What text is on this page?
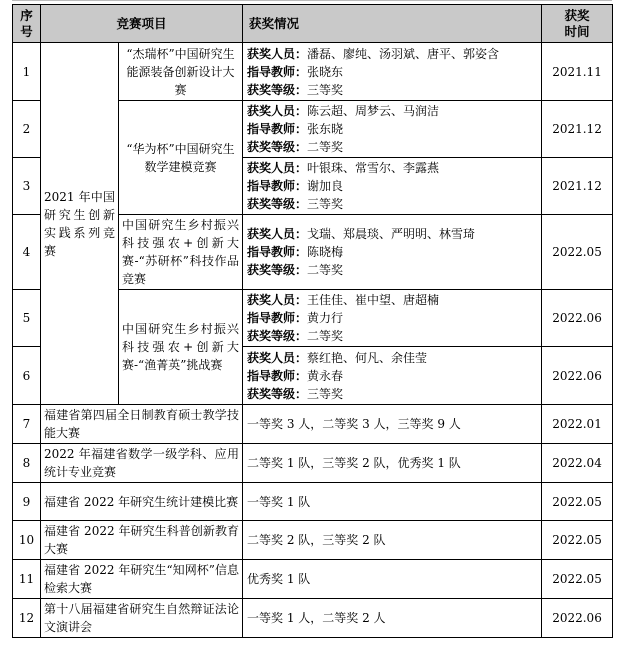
序
号	竞赛项目		获奖情况	获奖
时间

1	2021 年中国研究生创新实践系列竞赛	“杰瑞杯”中国研究生能源装备创新设计大赛	获奖人员：潘磊、廖纯、汤羽斌、唐平、郭姿含
指导教师：张晓东
获奖等级：三等奖	2021.11
2		“华为杯”中国研究生数学建模竞赛	获奖人员：陈云超、周梦云、马润洁
指导教师：张东晓
获奖等级：二等奖	2021.12
3			获奖人员：叶银珠、常雪尔、李露燕
指导教师：谢加良
获奖等级：三等奖	2021.12
4		中国研究生乡村振兴科技强农+创新大赛-“苏研杯”科技作品竞赛	获奖人员：戈瑞、郑晨琰、严明明、林雪琦
指导教师：陈晓梅
获奖等级：二等奖	2022.05
5		中国研究生乡村振兴科技强农+创新大赛-“渔菁英”挑战赛	获奖人员：王佳佳、崔中望、唐超楠
指导教师：黄力行
获奖等级：二等奖	2022.06
6			获奖人员：蔡红艳、何凡、余佳莹
指导教师：黄永春
获奖等级：三等奖	2022.06
7	福建省第四届全日制教育硕士教学技能大赛		一等奖 3 人，二等奖 3 人，三等奖 9 人	2022.01
8	2022 年福建省数学一级学科、应用统计专业竞赛		二等奖 1 队，三等奖 2 队，优秀奖 1 队	2022.04
9	福建省 2022 年研究生统计建模比赛		一等奖 1 队	2022.05
10	福建省 2022 年研究生科普创新教育大赛		二等奖 2 队，三等奖 2 队	2022.05
11	福建省 2022 年研究生“知网杯”信息检索大赛		优秀奖 1 队	2022.05
12	第十八届福建省研究生自然辩证法论文演讲会		一等奖 1 人，二等奖 2 人	2022.06
